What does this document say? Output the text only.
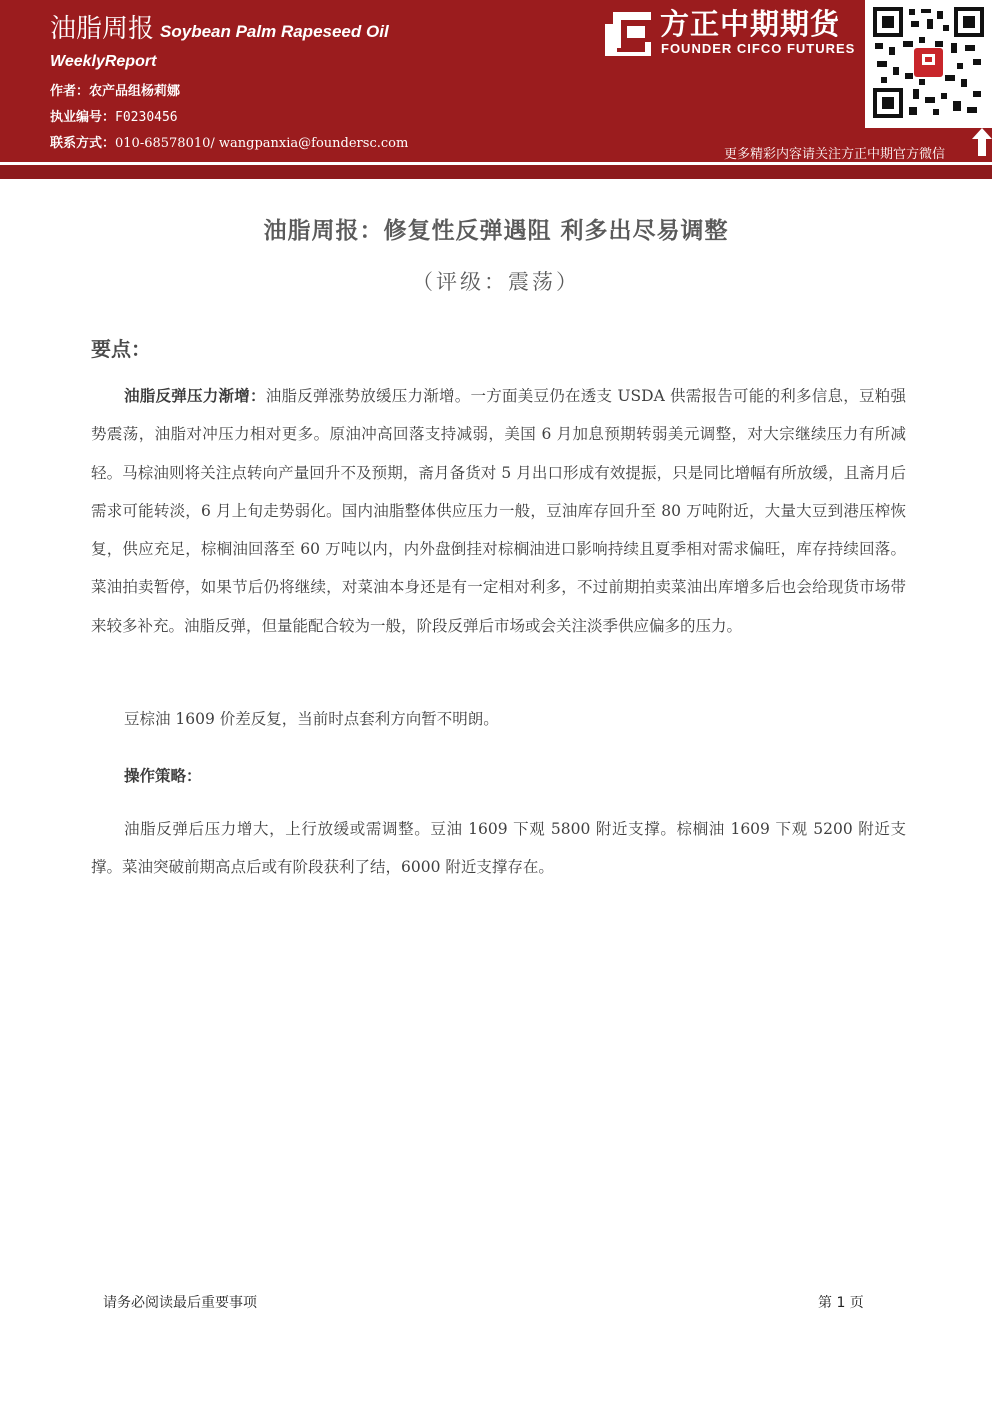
油脂周报 Soybean Palm Rapeseed Oil
WeeklyReport
作者：农产品组杨莉娜
执业编号：F0230456
联系方式：010-68578010/ wangpanxia@foundersc.com
方正中期期货
FOUNDER CIFCO FUTURES
更多精彩内容请关注方正中期官方微信
油脂周报：修复性反弹遇阻 利多出尽易调整
（评级：震荡）
要点：

油脂反弹压力渐增：油脂反弹涨势放缓压力渐增。一方面美豆仍在透支 USDA 供需报告可能的利多信息，豆粕强势震荡，油脂对冲压力相对更多。原油冲高回落支持减弱，美国 6 月加息预期转弱美元调整，对大宗继续压力有所减轻。马棕油则将关注点转向产量回升不及预期，斋月备货对 5 月出口形成有效提振，只是同比增幅有所放缓，且斋月后需求可能转淡，6 月上旬走势弱化。国内油脂整体供应压力一般，豆油库存回升至 80 万吨附近，大量大豆到港压榨恢复，供应充足，棕榈油回落至 60 万吨以内，内外盘倒挂对棕榈油进口影响持续且夏季相对需求偏旺，库存持续回落。菜油拍卖暂停，如果节后仍将继续，对菜油本身还是有一定相对利多，不过前期拍卖菜油出库增多后也会给现货市场带来较多补充。油脂反弹，但量能配合较为一般，阶段反弹后市场或会关注淡季供应偏多的压力。

豆棕油 1609 价差反复，当前时点套利方向暂不明朗。

操作策略：

油脂反弹后压力增大，上行放缓或需调整。豆油 1609 下观 5800 附近支撑。棕榈油 1609 下观 5200 附近支撑。菜油突破前期高点后或有阶段获利了结，6000 附近支撑存在。

请务必阅读最后重要事项	第 1 页
